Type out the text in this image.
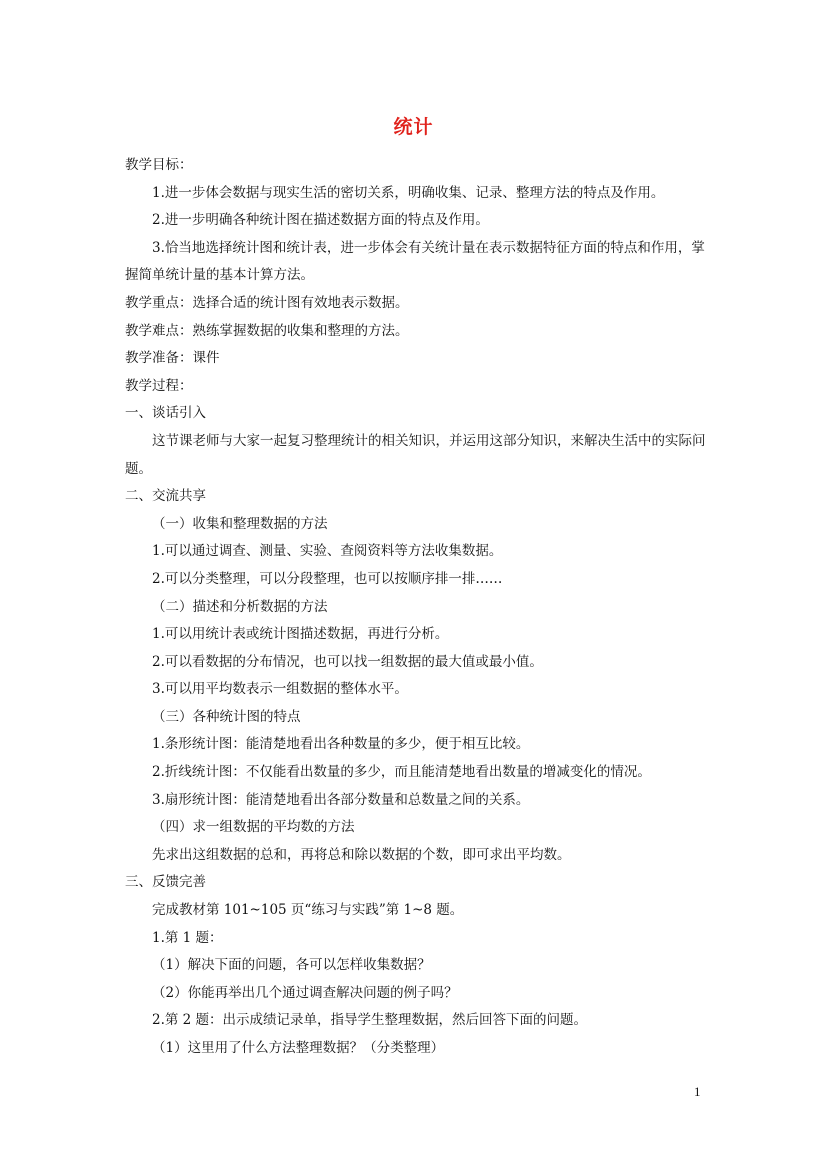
统计

教学目标：

1.进一步体会数据与现实生活的密切关系，明确收集、记录、整理方法的特点及作用。

2.进一步明确各种统计图在描述数据方面的特点及作用。

3.恰当地选择统计图和统计表，进一步体会有关统计量在表示数据特征方面的特点和作用，掌握简单统计量的基本计算方法。

教学重点：选择合适的统计图有效地表示数据。

教学难点：熟练掌握数据的收集和整理的方法。

教学准备：课件

教学过程：

一、谈话引入

这节课老师与大家一起复习整理统计的相关知识，并运用这部分知识，来解决生活中的实际问题。

二、交流共享

（一）收集和整理数据的方法

1.可以通过调查、测量、实验、查阅资料等方法收集数据。

2.可以分类整理，可以分段整理，也可以按顺序排一排……

（二）描述和分析数据的方法

1.可以用统计表或统计图描述数据，再进行分析。

2.可以看数据的分布情况，也可以找一组数据的最大值或最小值。

3.可以用平均数表示一组数据的整体水平。

（三）各种统计图的特点

1.条形统计图：能清楚地看出各种数量的多少，便于相互比较。

2.折线统计图：不仅能看出数量的多少，而且能清楚地看出数量的增减变化的情况。

3.扇形统计图：能清楚地看出各部分数量和总数量之间的关系。

（四）求一组数据的平均数的方法

先求出这组数据的总和，再将总和除以数据的个数，即可求出平均数。

三、反馈完善

完成教材第 101~105 页“练习与实践”第 1~8 题。

1.第 1 题：

（1）解决下面的问题，各可以怎样收集数据？

（2）你能再举出几个通过调查解决问题的例子吗？

2.第 2 题：出示成绩记录单，指导学生整理数据，然后回答下面的问题。

（1）这里用了什么方法整理数据？（分类整理）

1
